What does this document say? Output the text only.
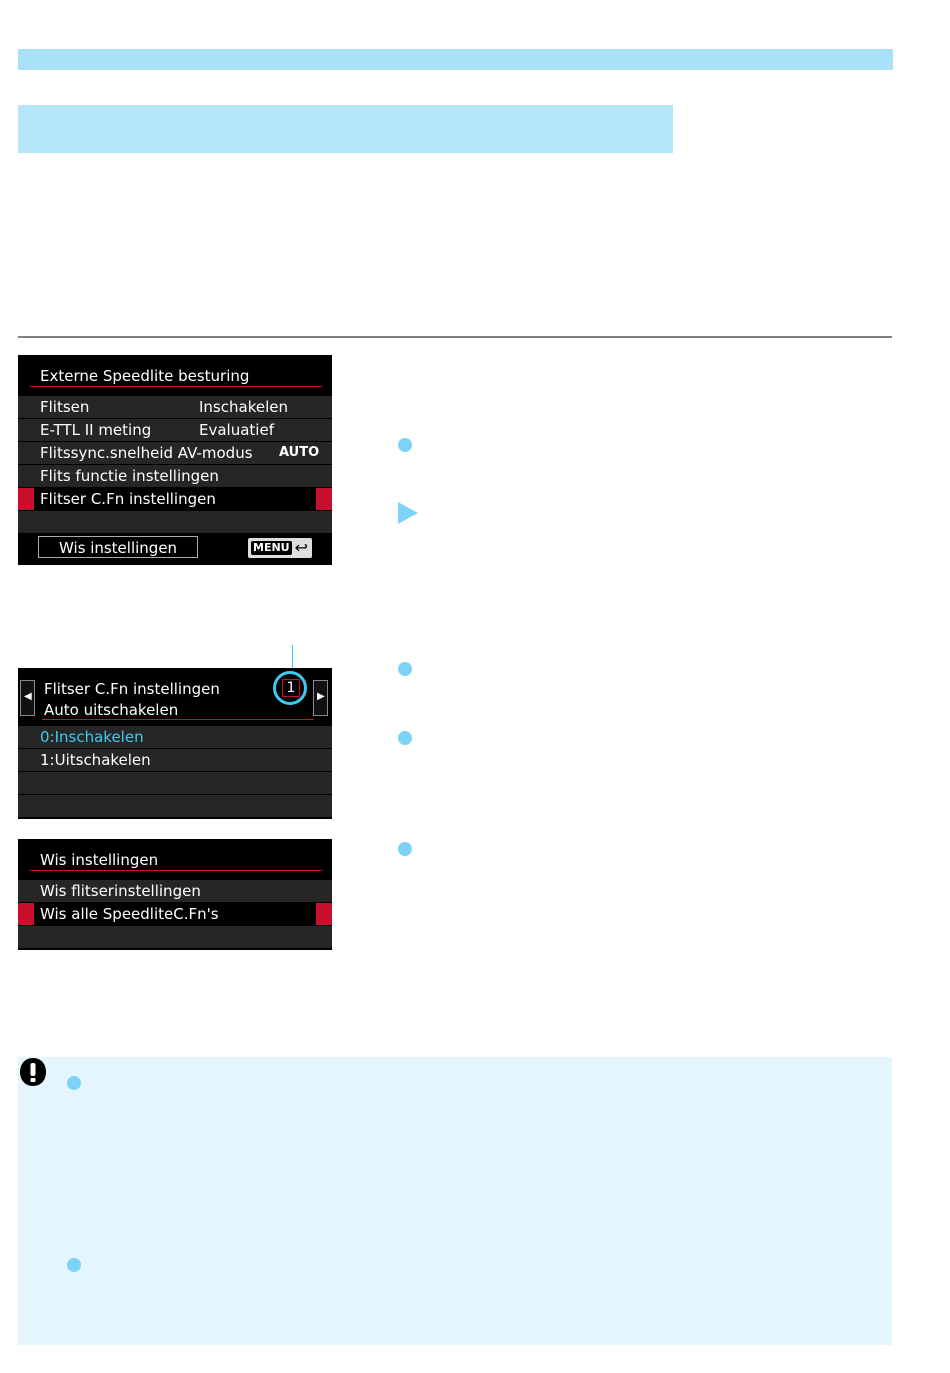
Externe Speedlite besturing
Flitsen	Inschakelen
E-TTL II meting	Evaluatief
Flitssync.snelheid AV-modus AUTO
Flits functie instellingen
Flitser C.Fn instellingen
Wis instellingen	MENU ↩
◀ Flitser C.Fn instellingen
Auto uitschakelen
1
▶
0:Inschakelen
1:Uitschakelen
Wis instellingen
Wis flitserinstellingen
Wis alle SpeedliteC.Fn's
